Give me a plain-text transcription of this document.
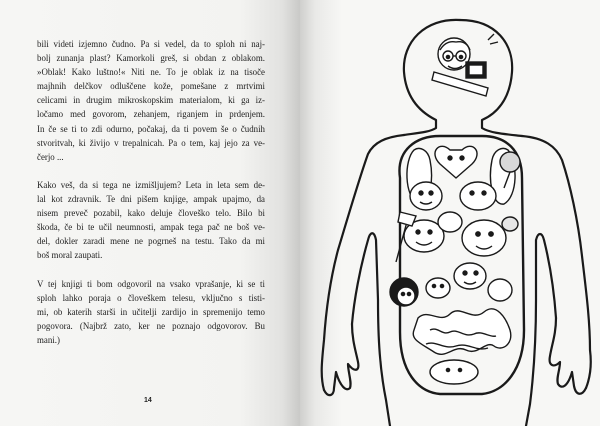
bili videti izjemno čudno. Pa si vedel, da to sploh ni naj-
bolj zunanja plast? Kamorkoli greš, si obdan z oblakom.
»Oblak! Kako luštno!« Niti ne. To je oblak iz na tisoče
majhnih delčkov odluščene kože, pomešane z mrtvimi
celicami in drugim mikroskopskim materialom, ki ga iz-
ločamo med govorom, zehanjem, riganjem in prdenjem.
In če se ti to zdi odurno, počakaj, da ti povem še o čudnih
stvoritvah, ki živijo v trepalnicah. Pa o tem, kaj jejo za ve-
čerjo ...

Kako veš, da si tega ne izmišljujem? Leta in leta sem de-
lal kot zdravnik. Te dni pišem knjige, ampak upajmo, da
nisem preveč pozabil, kako deluje človeško telo. Bilo bi
škoda, če bi te učil neumnosti, ampak tega pač ne boš ve-
del, dokler zaradi mene ne pogrneš na testu. Tako da mi
boš moral zaupati.

V tej knjigi ti bom odgovoril na vsako vprašanje, ki se ti
sploh lahko poraja o človeškem telesu, vključno s tisti-
mi, ob katerih starši in učitelji zardijo in spremenijo temo
pogovora. (Najbrž zato, ker ne poznajo odgovorov. Bu
mani.)

14
